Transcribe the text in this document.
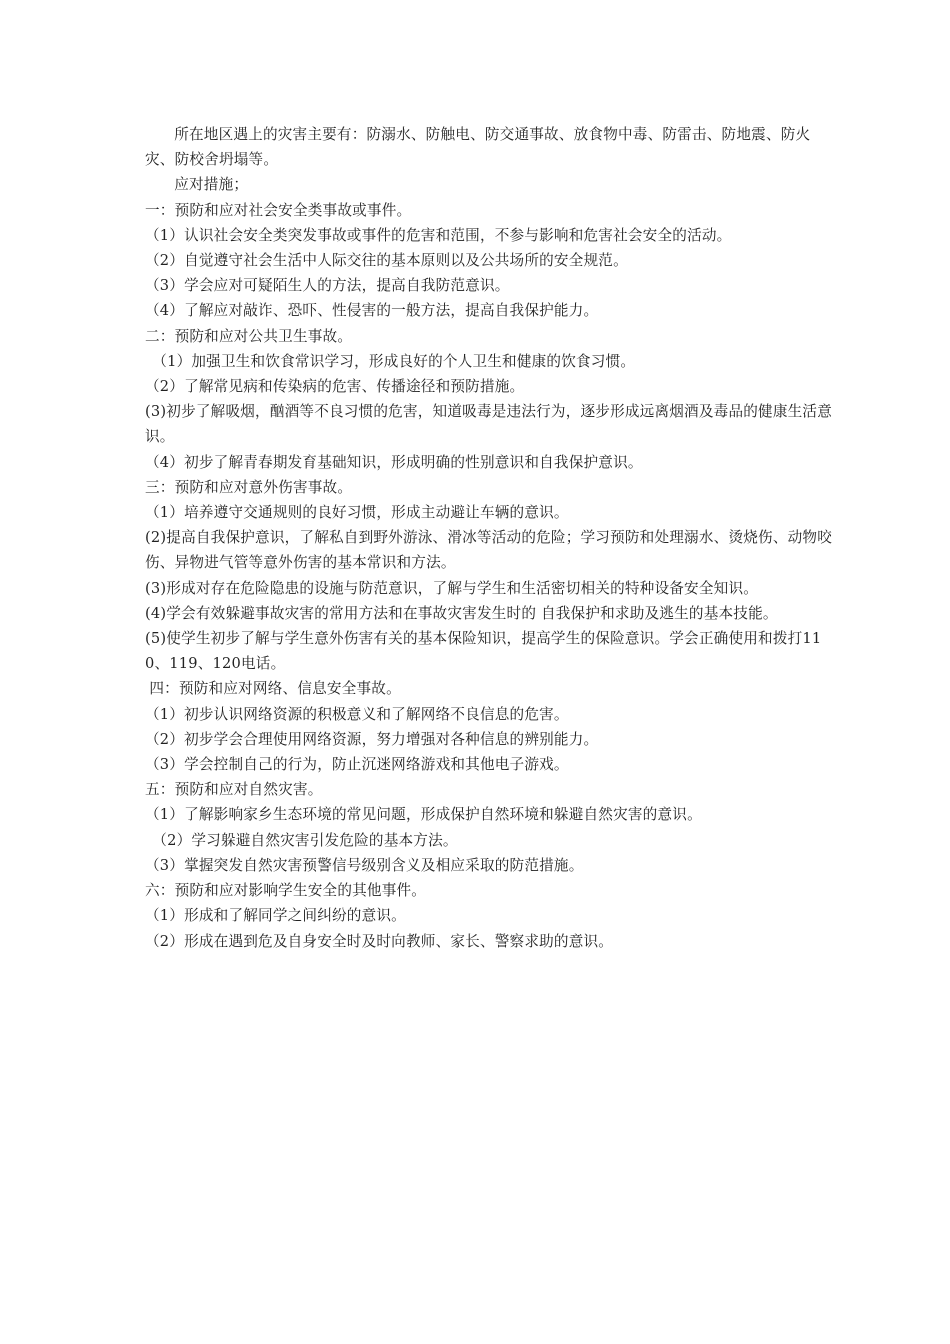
所在地区遇上的灾害主要有：防溺水、防触电、防交通事故、放食物中毒、防雷击、防地震、防火灾、防校舍坍塌等。

应对措施；

一：预防和应对社会安全类事故或事件。

（1）认识社会安全类突发事故或事件的危害和范围，不参与影响和危害社会安全的活动。

（2）自觉遵守社会生活中人际交往的基本原则以及公共场所的安全规范。

（3）学会应对可疑陌生人的方法，提高自我防范意识。

（4）了解应对敲诈、恐吓、性侵害的一般方法，提高自我保护能力。

二：预防和应对公共卫生事故。

（1）加强卫生和饮食常识学习，形成良好的个人卫生和健康的饮食习惯。

（2）了解常见病和传染病的危害、传播途径和预防措施。

(3)初步了解吸烟，酗酒等不良习惯的危害，知道吸毒是违法行为，逐步形成远离烟酒及毒品的健康生活意识。

（4）初步了解青春期发育基础知识，形成明确的性别意识和自我保护意识。

三：预防和应对意外伤害事故。

（1）培养遵守交通规则的良好习惯，形成主动避让车辆的意识。

(2)提高自我保护意识，了解私自到野外游泳、滑冰等活动的危险；学习预防和处理溺水、烫烧伤、动物咬伤、异物进气管等意外伤害的基本常识和方法。

(3)形成对存在危险隐患的设施与防范意识，了解与学生和生活密切相关的特种设备安全知识。

(4)学会有效躲避事故灾害的常用方法和在事故灾害发生时的 自我保护和求助及逃生的基本技能。

(5)使学生初步了解与学生意外伤害有关的基本保险知识，提高学生的保险意识。学会正确使用和拨打110、119、120电话。

四：预防和应对网络、信息安全事故。

（1）初步认识网络资源的积极意义和了解网络不良信息的危害。

（2）初步学会合理使用网络资源，努力增强对各种信息的辨别能力。

（3）学会控制自己的行为，防止沉迷网络游戏和其他电子游戏。

五：预防和应对自然灾害。

（1）了解影响家乡生态环境的常见问题，形成保护自然环境和躲避自然灾害的意识。

（2）学习躲避自然灾害引发危险的基本方法。

（3）掌握突发自然灾害预警信号级别含义及相应采取的防范措施。

六：预防和应对影响学生安全的其他事件。

（1）形成和了解同学之间纠纷的意识。

（2）形成在遇到危及自身安全时及时向教师、家长、警察求助的意识。
